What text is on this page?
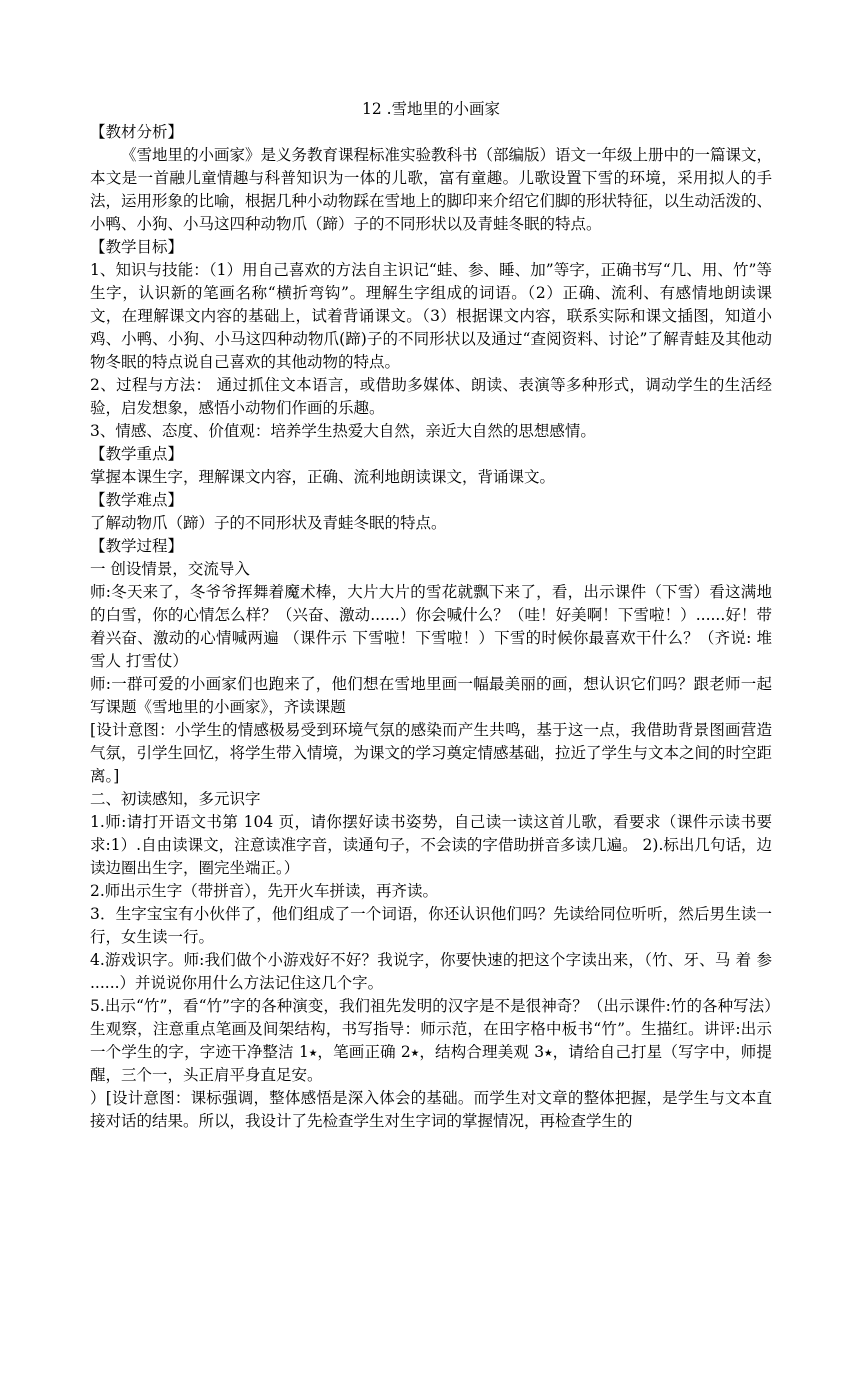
12 .雪地里的小画家

【教材分析】

《雪地里的小画家》是义务教育课程标准实验教科书（部编版）语文一年级上册中的一篇课文，本文是一首融儿童情趣与科普知识为一体的儿歌，富有童趣。儿歌设置下雪的环境，采用拟人的手法，运用形象的比喻，根据几种小动物踩在雪地上的脚印来介绍它们脚的形状特征，以生动活泼的、小鸭、小狗、小马这四种动物爪（蹄）子的不同形状以及青蛙冬眠的特点。

【教学目标】

1、知识与技能：（1）用自己喜欢的方法自主识记“蛙、参、睡、加”等字，正确书写“几、用、竹”等生字，认识新的笔画名称“横折弯钩”。理解生字组成的词语。（2）正确、流利、有感情地朗读课文，在理解课文内容的基础上，试着背诵课文。（3）根据课文内容，联系实际和课文插图，知道小鸡、小鸭、小狗、小马这四种动物爪(蹄)子的不同形状以及通过“查阅资料、讨论”了解青蛙及其他动物冬眠的特点说自己喜欢的其他动物的特点。

2、过程与方法： 通过抓住文本语言，或借助多媒体、朗读、表演等多种形式，调动学生的生活经验，启发想象，感悟小动物们作画的乐趣。

3、情感、态度、价值观：培养学生热爱大自然，亲近大自然的思想感情。

【教学重点】

掌握本课生字，理解课文内容，正确、流利地朗读课文，背诵课文。

【教学难点】

了解动物爪（蹄）子的不同形状及青蛙冬眠的特点。

【教学过程】

一 创设情景，交流导入

师:冬天来了，冬爷爷挥舞着魔术棒，大片大片的雪花就飘下来了，看，出示课件（下雪）看这满地的白雪，你的心情怎么样？（兴奋、激动......）你会喊什么？（哇！好美啊！下雪啦！）......好！带着兴奋、激动的心情喊两遍 （课件示 下雪啦！下雪啦！）下雪的时候你最喜欢干什么？（齐说: 堆雪人 打雪仗）

师:一群可爱的小画家们也跑来了，他们想在雪地里画一幅最美丽的画，想认识它们吗？跟老师一起写课题《雪地里的小画家》，齐读课题

[设计意图：小学生的情感极易受到环境气氛的感染而产生共鸣，基于这一点，我借助背景图画营造气氛，引学生回忆，将学生带入情境，为课文的学习奠定情感基础，拉近了学生与文本之间的时空距离。]

二、初读感知，多元识字

1.师:请打开语文书第 104 页，请你摆好读书姿势，自己读一读这首儿歌，看要求（课件示读书要求:1）.自由读课文，注意读准字音，读通句子，不会读的字借助拼音多读几遍。 2).标出几句话，边读边圈出生字，圈完坐端正。）

2.师出示生字（带拼音），先开火车拼读，再齐读。

3．生字宝宝有小伙伴了，他们组成了一个词语，你还认识他们吗？先读给同位听听，然后男生读一行，女生读一行。

4.游戏识字。师:我们做个小游戏好不好？我说字，你要快速的把这个字读出来，（竹、牙、马 着 参 ......）并说说你用什么方法记住这几个字。

5.出示“竹”，看“竹”字的各种演变，我们祖先发明的汉字是不是很神奇？（出示课件:竹的各种写法）生观察，注意重点笔画及间架结构，书写指导：师示范，在田字格中板书“竹”。生描红。讲评:出示一个学生的字，字迹干净整洁 1⭑，笔画正确 2⭑，结构合理美观 3⭑，请给自己打星（写字中，师提醒，三个一，头正肩平身直足安。

）[设计意图：课标强调，整体感悟是深入体会的基础。而学生对文章的整体把握，是学生与文本直接对话的结果。所以，我设计了先检查学生对生字词的掌握情况，再检查学生的
